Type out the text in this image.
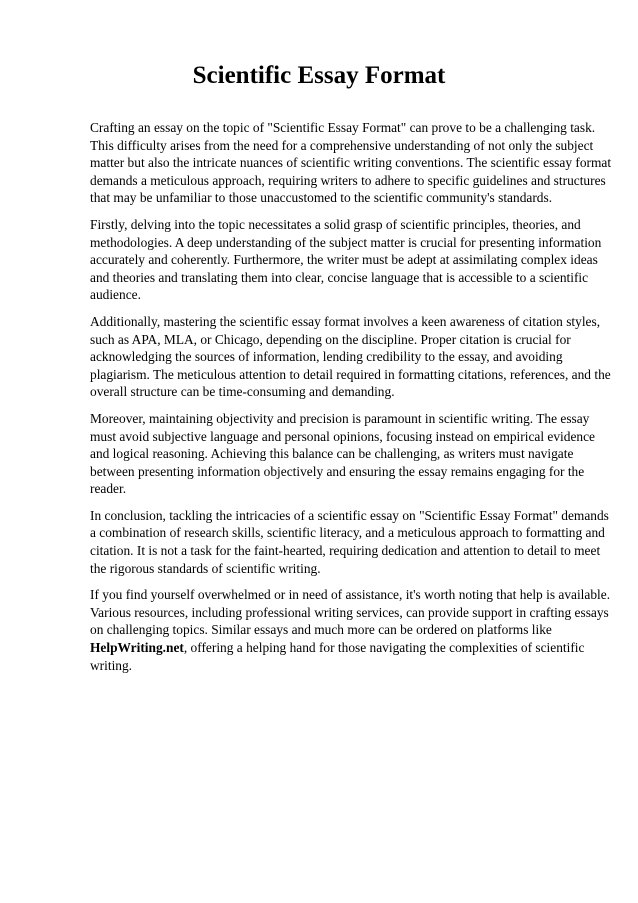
Scientific Essay Format

Crafting an essay on the topic of "Scientific Essay Format" can prove to be a challenging task.
This difficulty arises from the need for a comprehensive understanding of not only the subject
matter but also the intricate nuances of scientific writing conventions. The scientific essay format
demands a meticulous approach, requiring writers to adhere to specific guidelines and structures
that may be unfamiliar to those unaccustomed to the scientific community's standards.

Firstly, delving into the topic necessitates a solid grasp of scientific principles, theories, and
methodologies. A deep understanding of the subject matter is crucial for presenting information
accurately and coherently. Furthermore, the writer must be adept at assimilating complex ideas
and theories and translating them into clear, concise language that is accessible to a scientific
audience.

Additionally, mastering the scientific essay format involves a keen awareness of citation styles,
such as APA, MLA, or Chicago, depending on the discipline. Proper citation is crucial for
acknowledging the sources of information, lending credibility to the essay, and avoiding
plagiarism. The meticulous attention to detail required in formatting citations, references, and the
overall structure can be time-consuming and demanding.

Moreover, maintaining objectivity and precision is paramount in scientific writing. The essay
must avoid subjective language and personal opinions, focusing instead on empirical evidence
and logical reasoning. Achieving this balance can be challenging, as writers must navigate
between presenting information objectively and ensuring the essay remains engaging for the
reader.

In conclusion, tackling the intricacies of a scientific essay on "Scientific Essay Format" demands
a combination of research skills, scientific literacy, and a meticulous approach to formatting and
citation. It is not a task for the faint-hearted, requiring dedication and attention to detail to meet
the rigorous standards of scientific writing.

If you find yourself overwhelmed or in need of assistance, it's worth noting that help is available.
Various resources, including professional writing services, can provide support in crafting essays
on challenging topics. Similar essays and much more can be ordered on platforms like
HelpWriting.net, offering a helping hand for those navigating the complexities of scientific
writing.
